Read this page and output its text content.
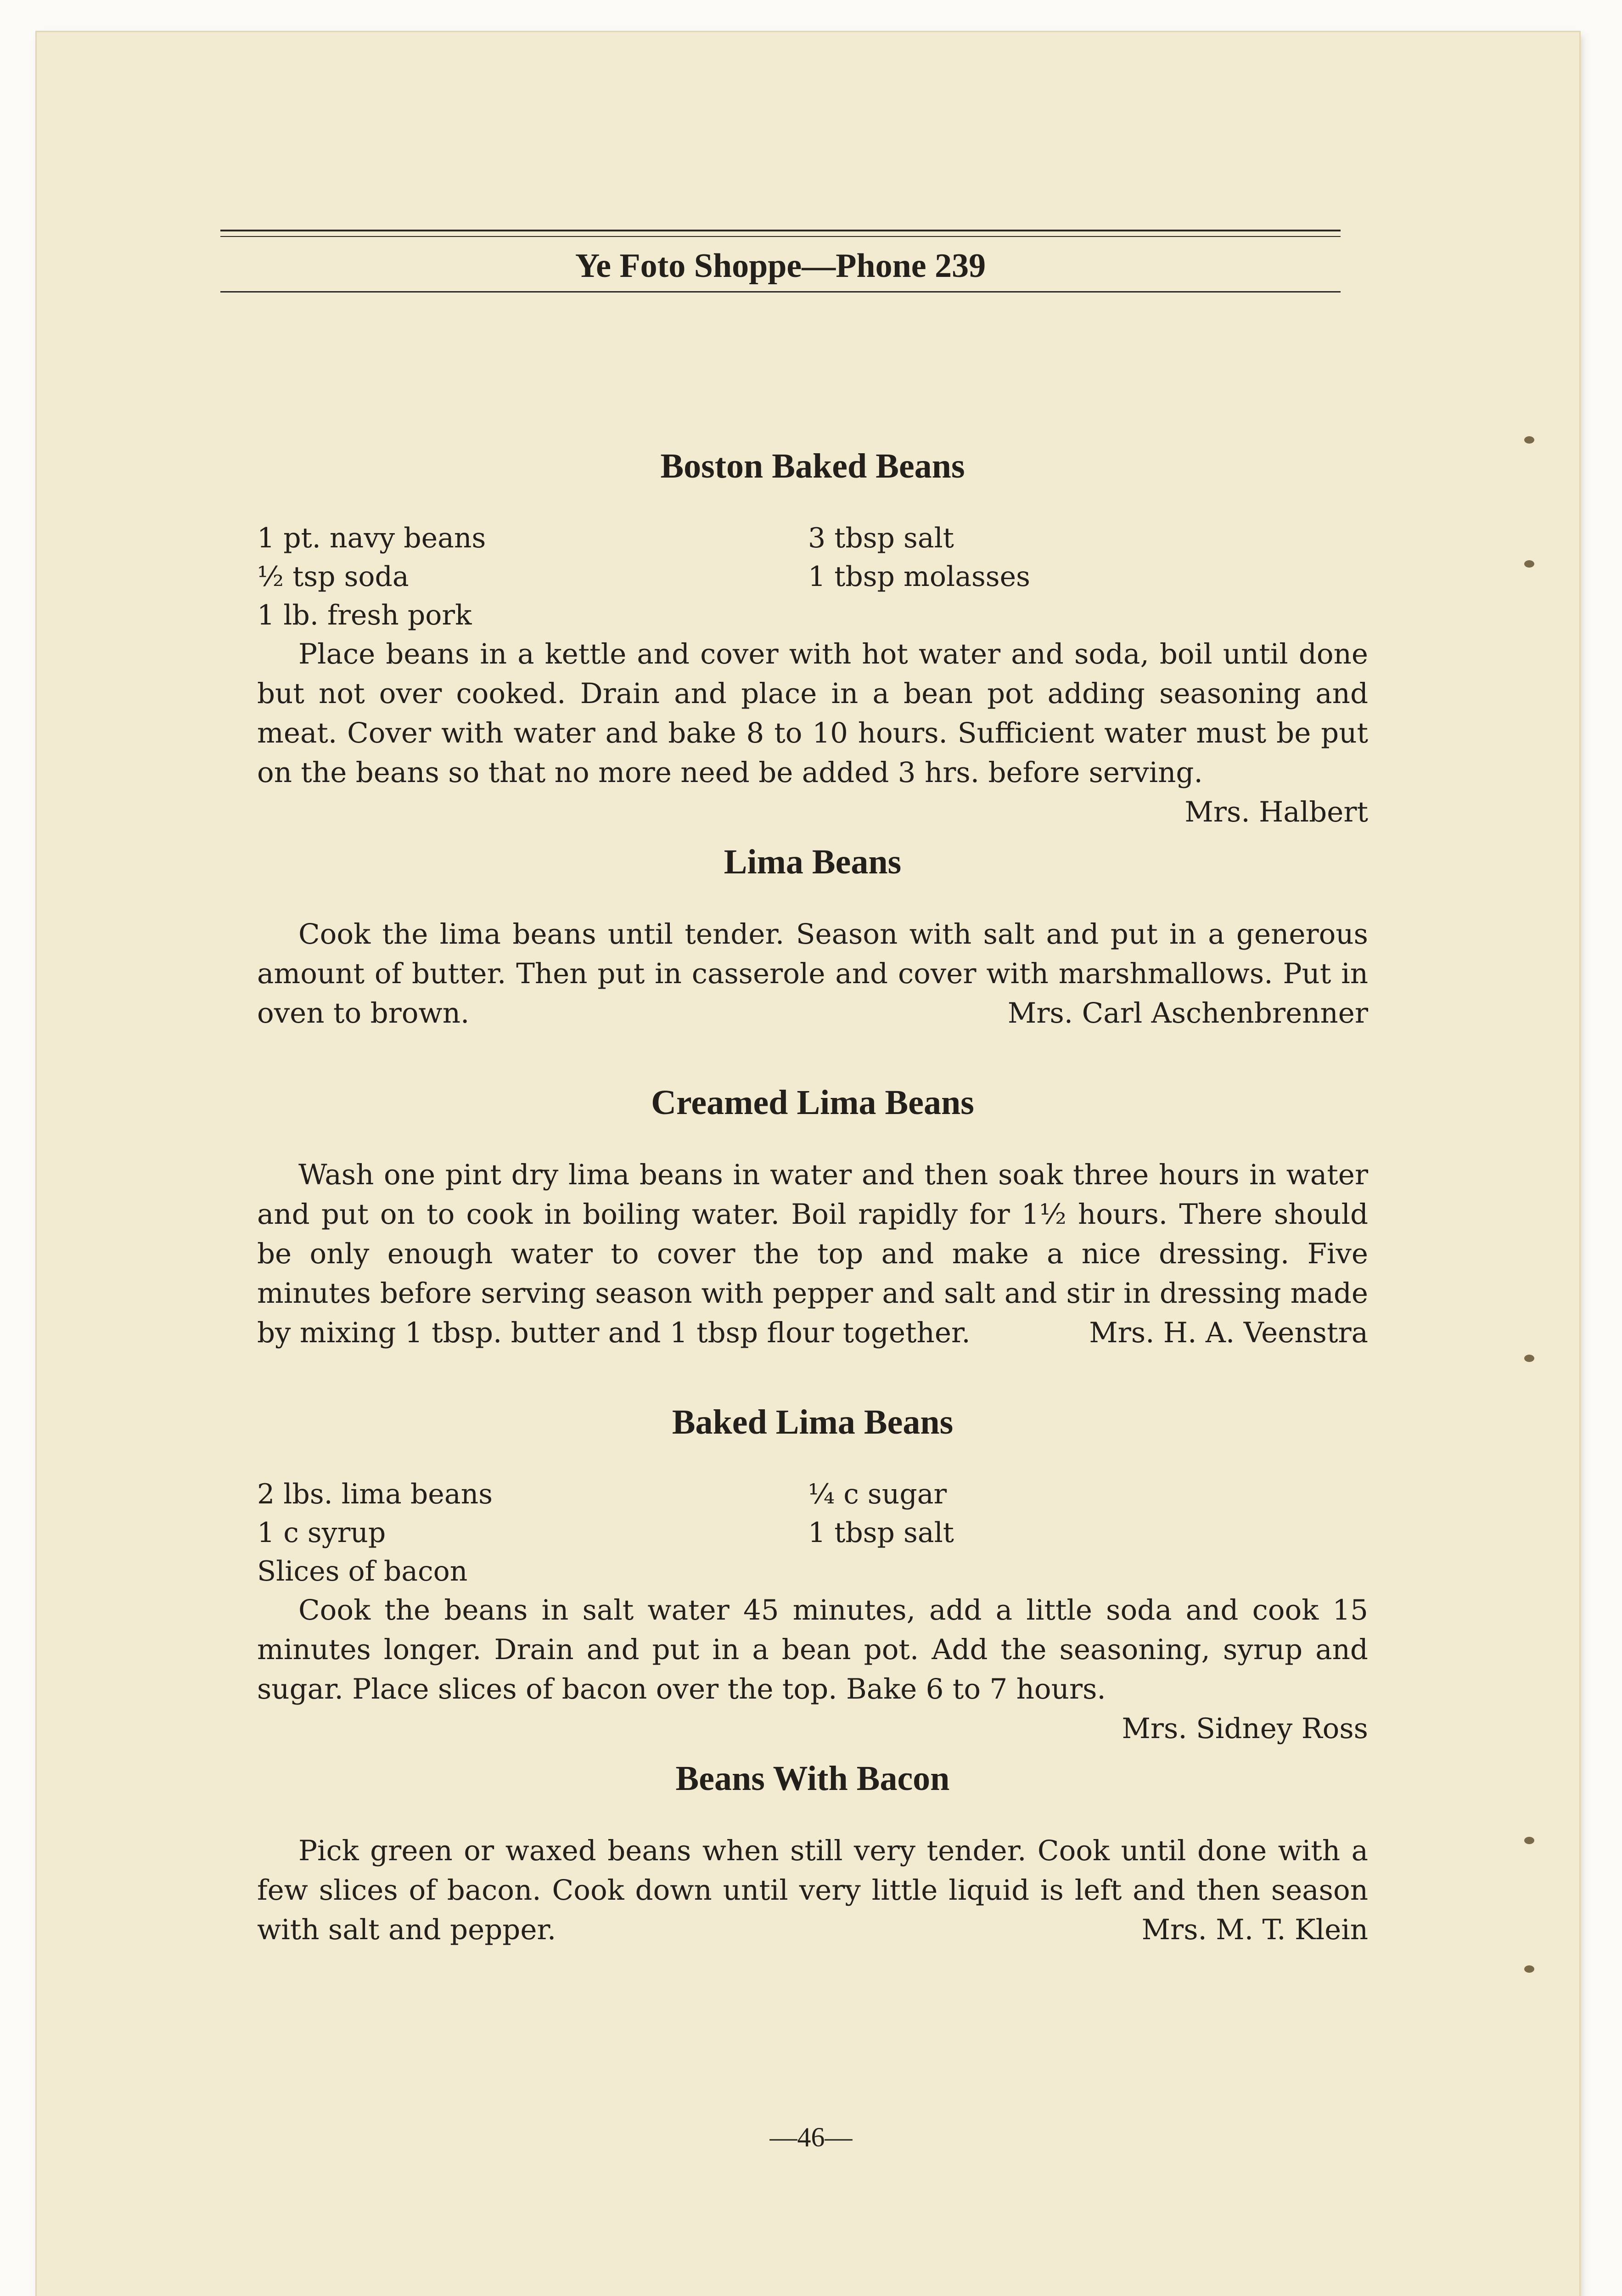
Ye Foto Shoppe—Phone 239
Boston Baked Beans
1 pt. navy beans	3 tbsp salt
½ tsp soda	1 tbsp molasses
1 lb. fresh pork

Place beans in a kettle and cover with hot water and soda, boil until done but not over cooked. Drain and place in a bean pot adding seasoning and meat. Cover with water and bake 8 to 10 hours. Sufficient water must be put on the beans so that no more need be added 3 hrs. before serving.
Mrs. Halbert

Lima Beans

Cook the lima beans until tender. Season with salt and put in a generous amount of butter. Then put in casserole and cover with marshmallows. Put in oven to brown.	Mrs. Carl Aschenbrenner

Creamed Lima Beans

Wash one pint dry lima beans in water and then soak three hours in water and put on to cook in boiling water. Boil rapidly for 1½ hours. There should be only enough water to cover the top and make a nice dressing. Five minutes before serving season with pepper and salt and stir in dressing made by mixing 1 tbsp. butter and 1 tbsp flour together.	Mrs. H. A. Veenstra

Baked Lima Beans
2 lbs. lima beans	¼ c sugar
1 c syrup	1 tbsp salt
Slices of bacon

Cook the beans in salt water 45 minutes, add a little soda and cook 15 minutes longer. Drain and put in a bean pot. Add the seasoning, syrup and sugar. Place slices of bacon over the top. Bake 6 to 7 hours.
Mrs. Sidney Ross

Beans With Bacon

Pick green or waxed beans when still very tender. Cook until done with a few slices of bacon. Cook down until very little liquid is left and then season with salt and pepper.	Mrs. M. T. Klein

—46—
